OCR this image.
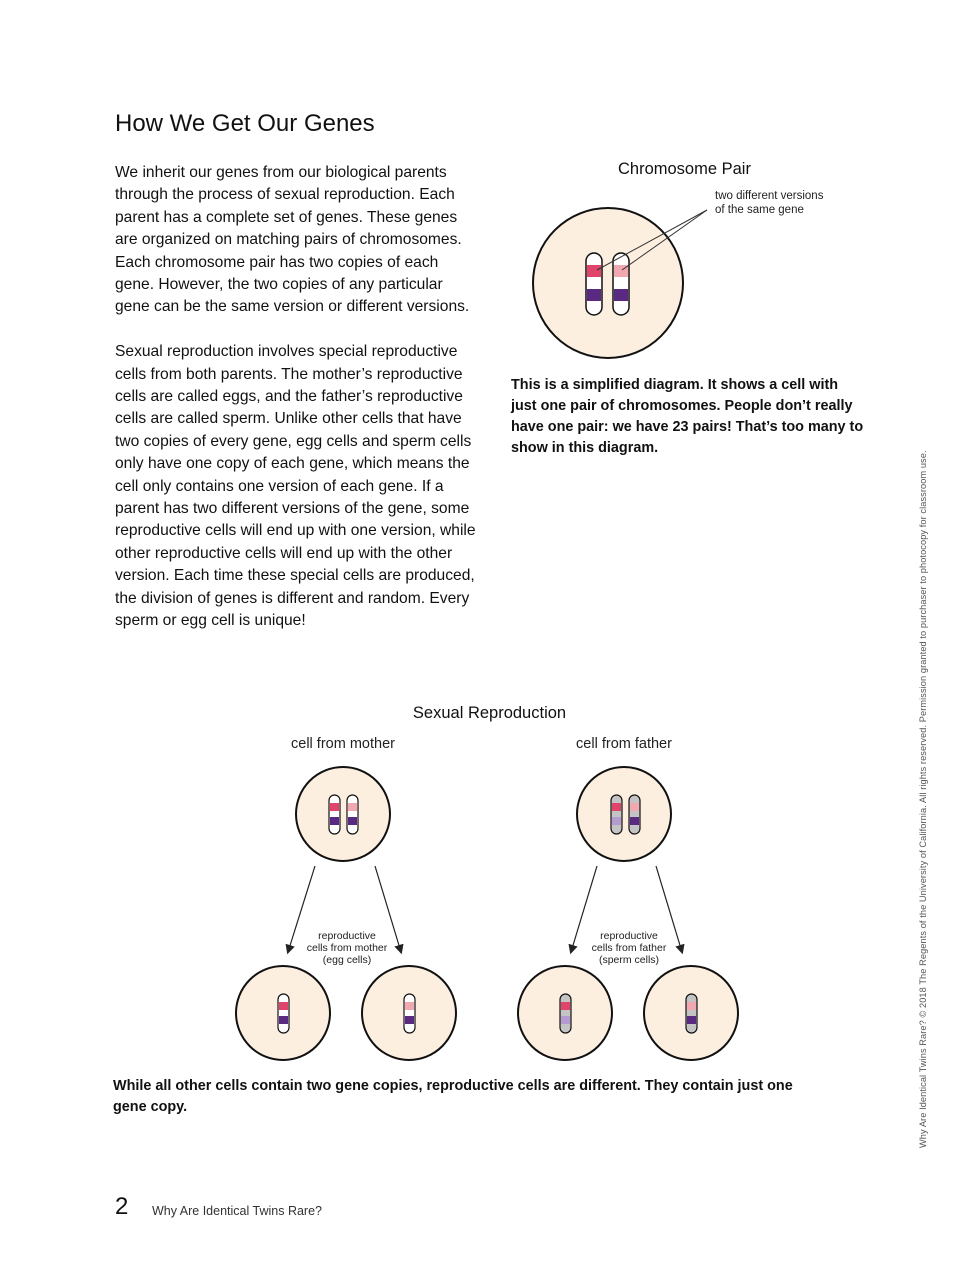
How We Get Our Genes

We inherit our genes from our biological parents through the process of sexual reproduction. Each parent has a complete set of genes. These genes are organized on matching pairs of chromosomes. Each chromosome pair has two copies of each gene. However, the two copies of any particular gene can be the same version or different versions.

Sexual reproduction involves special reproductive cells from both parents. The mother’s reproductive cells are called eggs, and the father’s reproductive cells are called sperm. Unlike other cells that have two copies of every gene, egg cells and sperm cells only have one copy of each gene, which means the cell only contains one version of each gene. If a parent has two different versions of the gene, some reproductive cells will end up with one version, while other reproductive cells will end up with the other version. Each time these special cells are produced, the division of genes is different and random. Every sperm or egg cell is unique!

Chromosome Pair
two different versions
of the same gene
This is a simplified diagram. It shows a cell with just one pair of chromosomes. People don’t really have one pair: we have 23 pairs! That’s too many to show in this diagram.
Sexual Reproduction
cell from mother	cell from father
reproductive
cells from mother
(egg cells)
reproductive
cells from father
(sperm cells)
While all other cells contain two gene copies, reproductive cells are different. They contain just one gene copy.	Why Are Identical Twins Rare? © 2018 The Regents of the University of California. All rights reserved. Permission granted to purchaser to photocopy for classroom use.
2 Why Are Identical Twins Rare?
